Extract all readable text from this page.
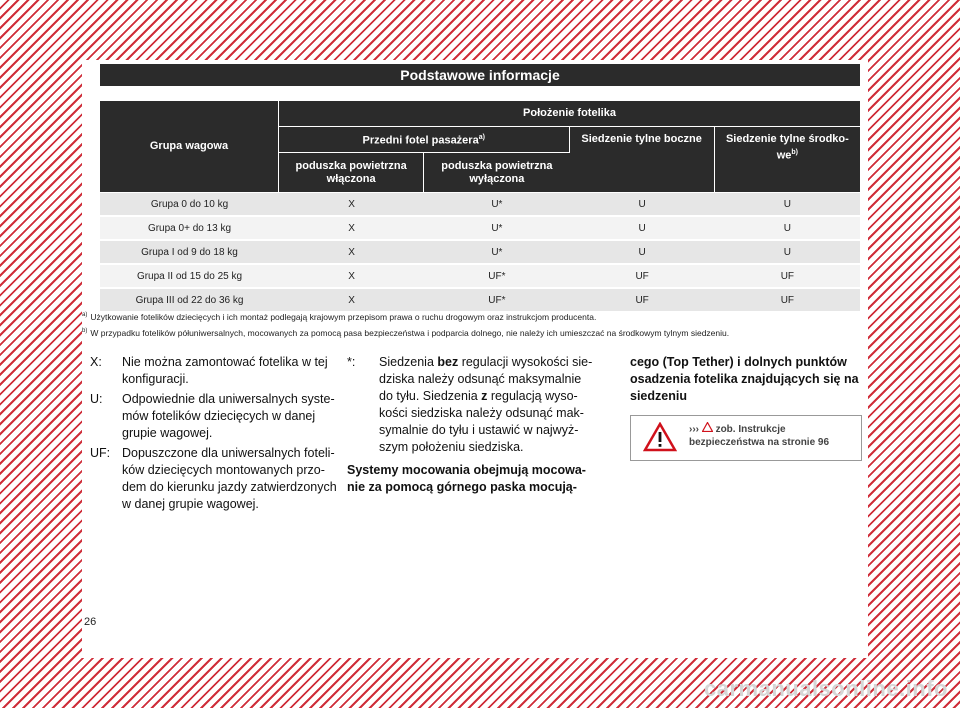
Podstawowe informacje
Grupa wagowa	Położenie fotelika			
	Przedni fotel pasażera$^{a)}$		Siedzenie tylne boczne	Siedzenie tylne środko-$we^{b)}$
	poduszka powietrzna włączona	poduszka powietrzna wyłączona		
Grupa 0 do 10 kg	X	U*	U	U
Grupa 0+ do 13 kg	X	U*	U	U
Grupa I od 9 do 18 kg	X	U*	U	U
Grupa II od 15 do 25 kg	X	UF*	UF	UF
Grupa III od 22 do 36 kg	X	UF*	UF	UF
$^{a)}$ Użytkowanie fotelików dziecięcych i ich montaż podlegają krajowym przepisom prawa o ruchu drogowym oraz instrukcjom producenta.
$^{b)}$ W przypadku fotelików półuniwersalnych, mocowanych za pomocą pasa bezpieczeństwa i podparcia dolnego, nie należy ich umieszczać na środkowym tylnym siedzeniu.
X:	Nie można zamontować fotelika w tej konfiguracji.
U:	Odpowiednie dla uniwersalnych syste-mów fotelików dziecięcych w danej grupie wagowej.
UF: Dopuszczone dla uniwersalnych foteli-ków dziecięcych montowanych przo-dem do kierunku jazdy zatwierdzonych w danej grupie wagowej.
*:	Siedzenia bez regulacji wysokości sie-dziska należy odsunąć maksymalnie do tyłu. Siedzenia z regulacją wyso-kości siedziska należy odsunąć mak-symalnie do tyłu i ustawić w najwyż-szym położeniu siedziska.
Systemy mocowania obejmują mocowa-nie za pomocą górnego paska mocują-
cego (Top Tether) i dolnych punktów osadzenia fotelika znajdujących się na siedzeniu
››› zob. Instrukcje bezpieczeństwa na stronie 96
26
carmanualsonline.info
